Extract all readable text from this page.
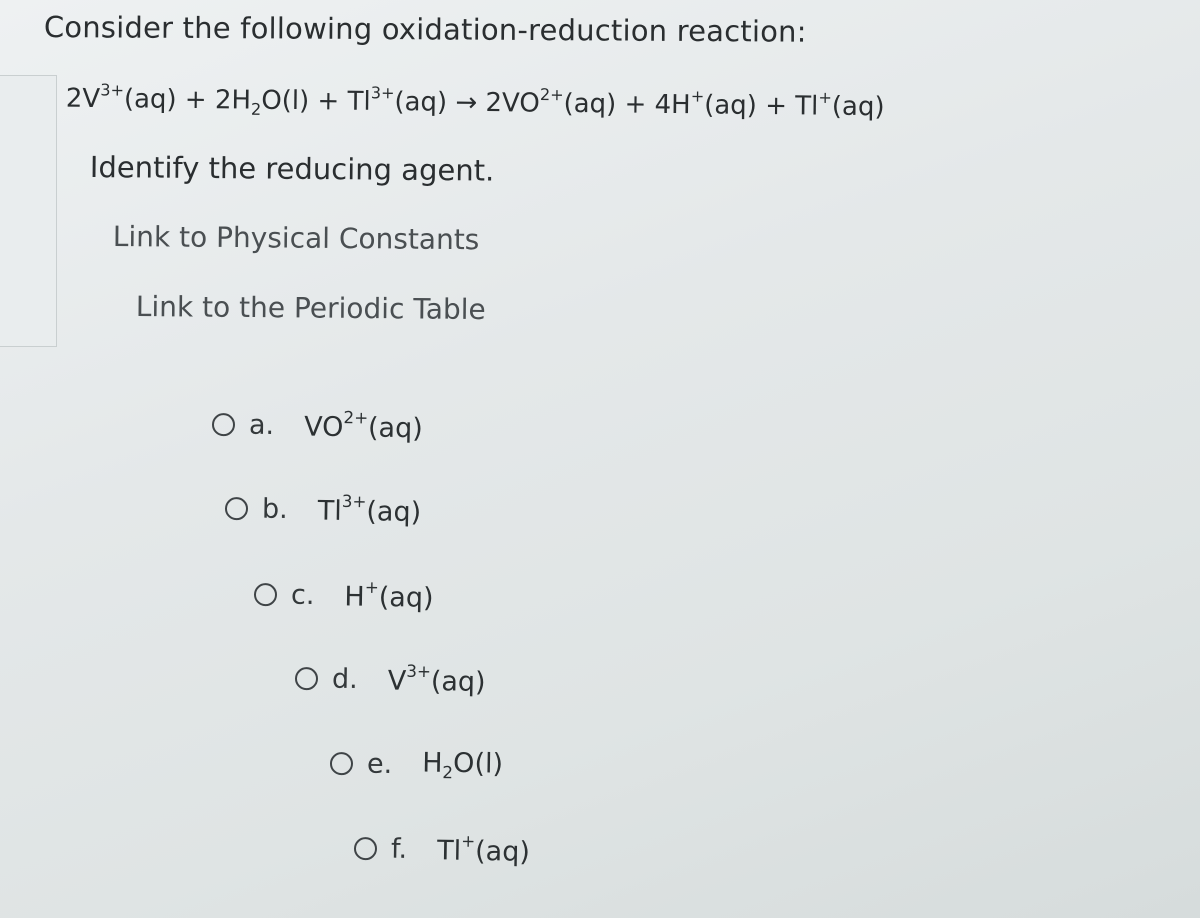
Consider the following oxidation-reduction reaction:
$2V^{3+}(aq) + 2H_2O(l) + Tl^{3+}(aq) \to 2VO^{2+}(aq) + 4H^+(aq) + Tl^+(aq)$
Identify the reducing agent.
Link to Physical Constants
Link to the Periodic Table
a. $VO^{2+}(aq)$
b. $Tl^{3+}(aq)$
c. H+(aq)
d. $V^{3+}(aq)$
e. $H_2O(l)$
f. Tl+(aq)
